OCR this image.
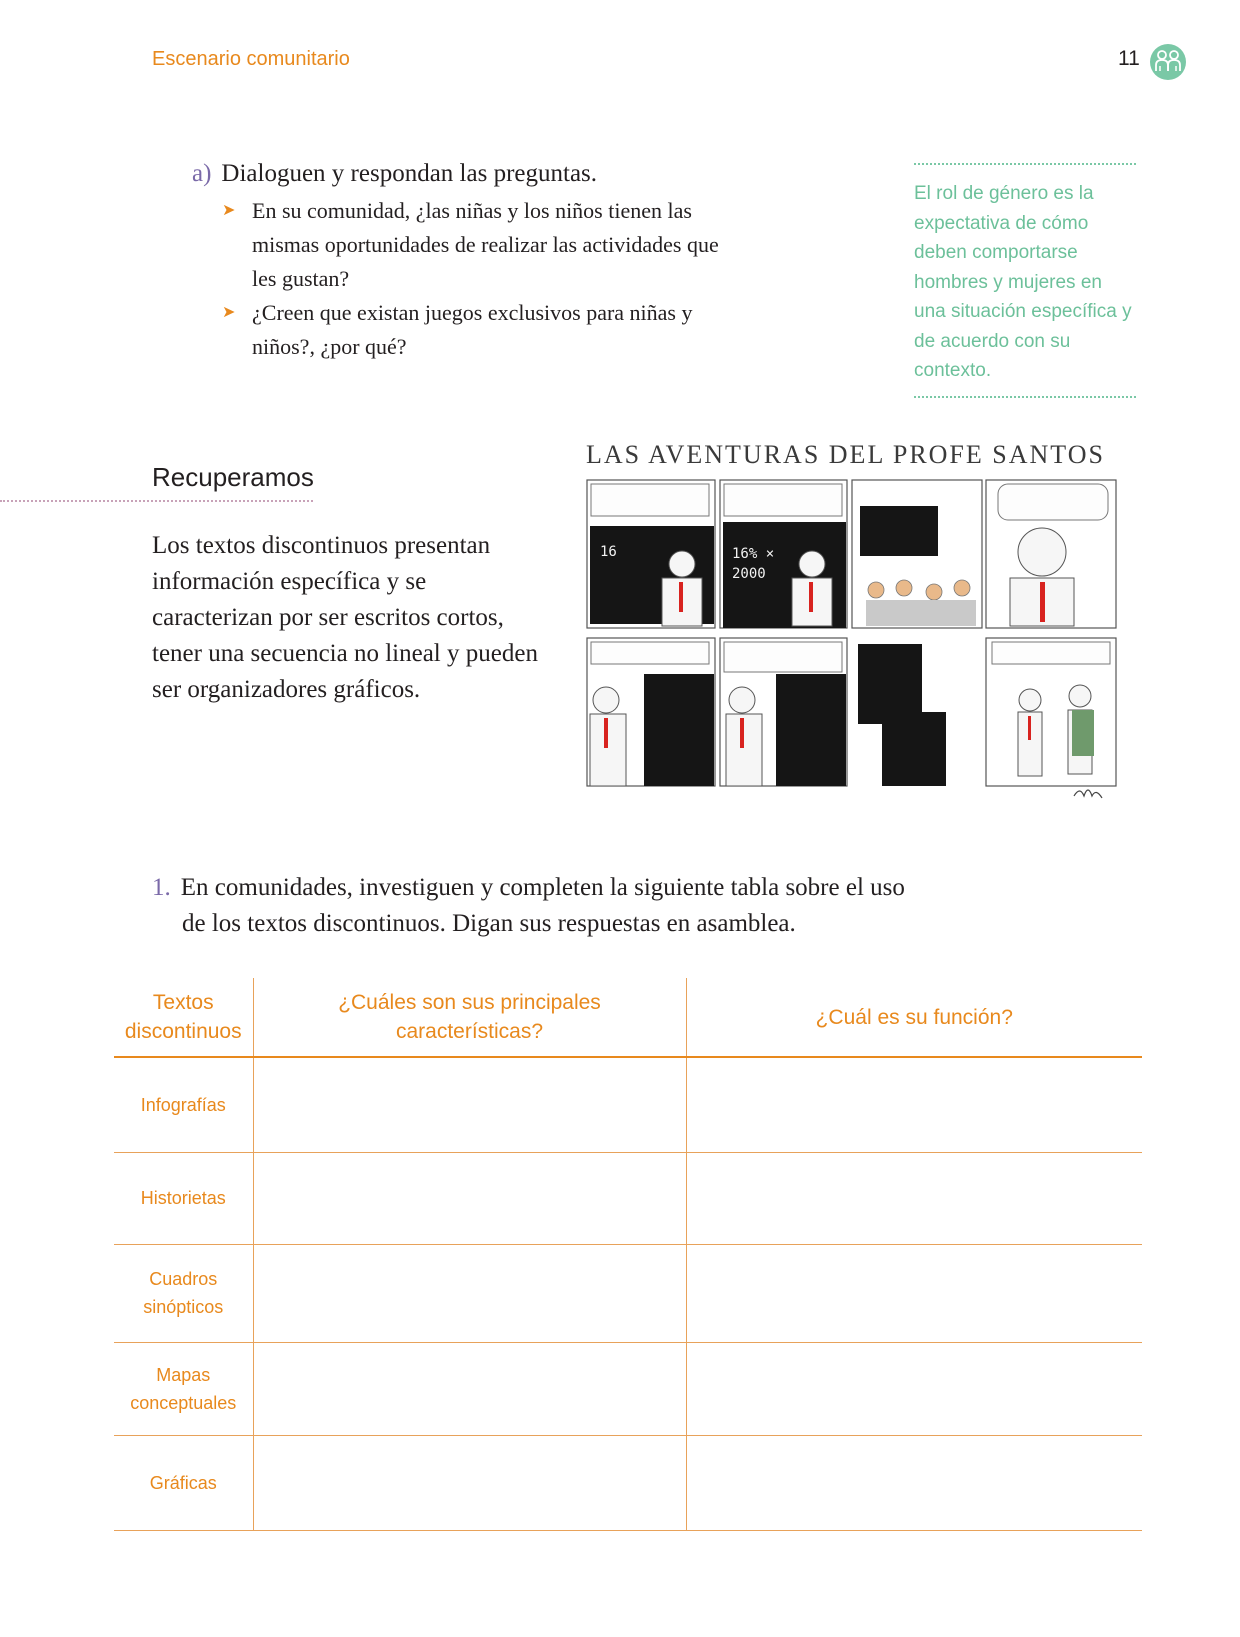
Escenario comunitario	11
a) Dialoguen y respondan las preguntas.
➤ En su comunidad, ¿las niñas y los niños tienen las mismas oportunidades de realizar las actividades que les gustan?
➤ ¿Creen que existan juegos exclusivos para niñas y niños?, ¿por qué?
El rol de género es la expectativa de cómo deben comportarse hombres y mujeres en una situación específica y de acuerdo con su contexto.
Recuperamos
Los textos discontinuos presentan información específica y se caracterizan por ser escritos cortos, tener una secuencia no lineal y pueden ser organizadores gráficos.
LAS AVENTURAS DEL PROFE SANTOS
16	16% ×
2000
1. En comunidades, investiguen y completen la siguiente tabla sobre el uso
de los textos discontinuos. Digan sus respuestas en asamblea.
Textos discontinuos	¿Cuáles son sus principales características?	¿Cuál es su función?
Infografías		
Historietas		
Cuadros sinópticos		
Mapas conceptuales		
Gráficas		
